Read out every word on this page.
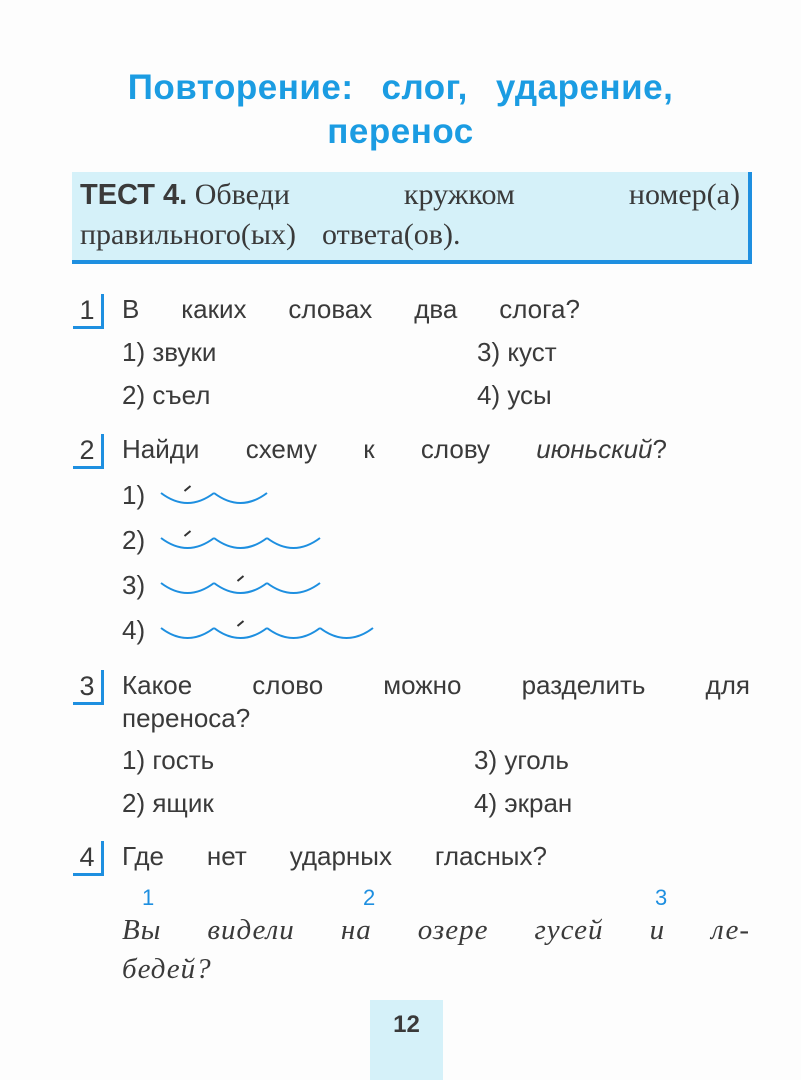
Повторение: слог, ударение,
перенос
ТЕСТ 4. Обведи	кружком	номер(а)
правильного(ых) ответа(ов).
1	В каких словах два слога?
1) звуки	3) куст
2) съел	4) усы
2	Найди схему к слову июньский?
1)
2)
3)
4)
3	Какое слово можно разделить для
переноса?
1) гость	3) уголь
2) ящик	4) экран
4	Где нет ударных гласных?
1	2	3
Вы видели на озере гусей и ле-
бедей?
12
